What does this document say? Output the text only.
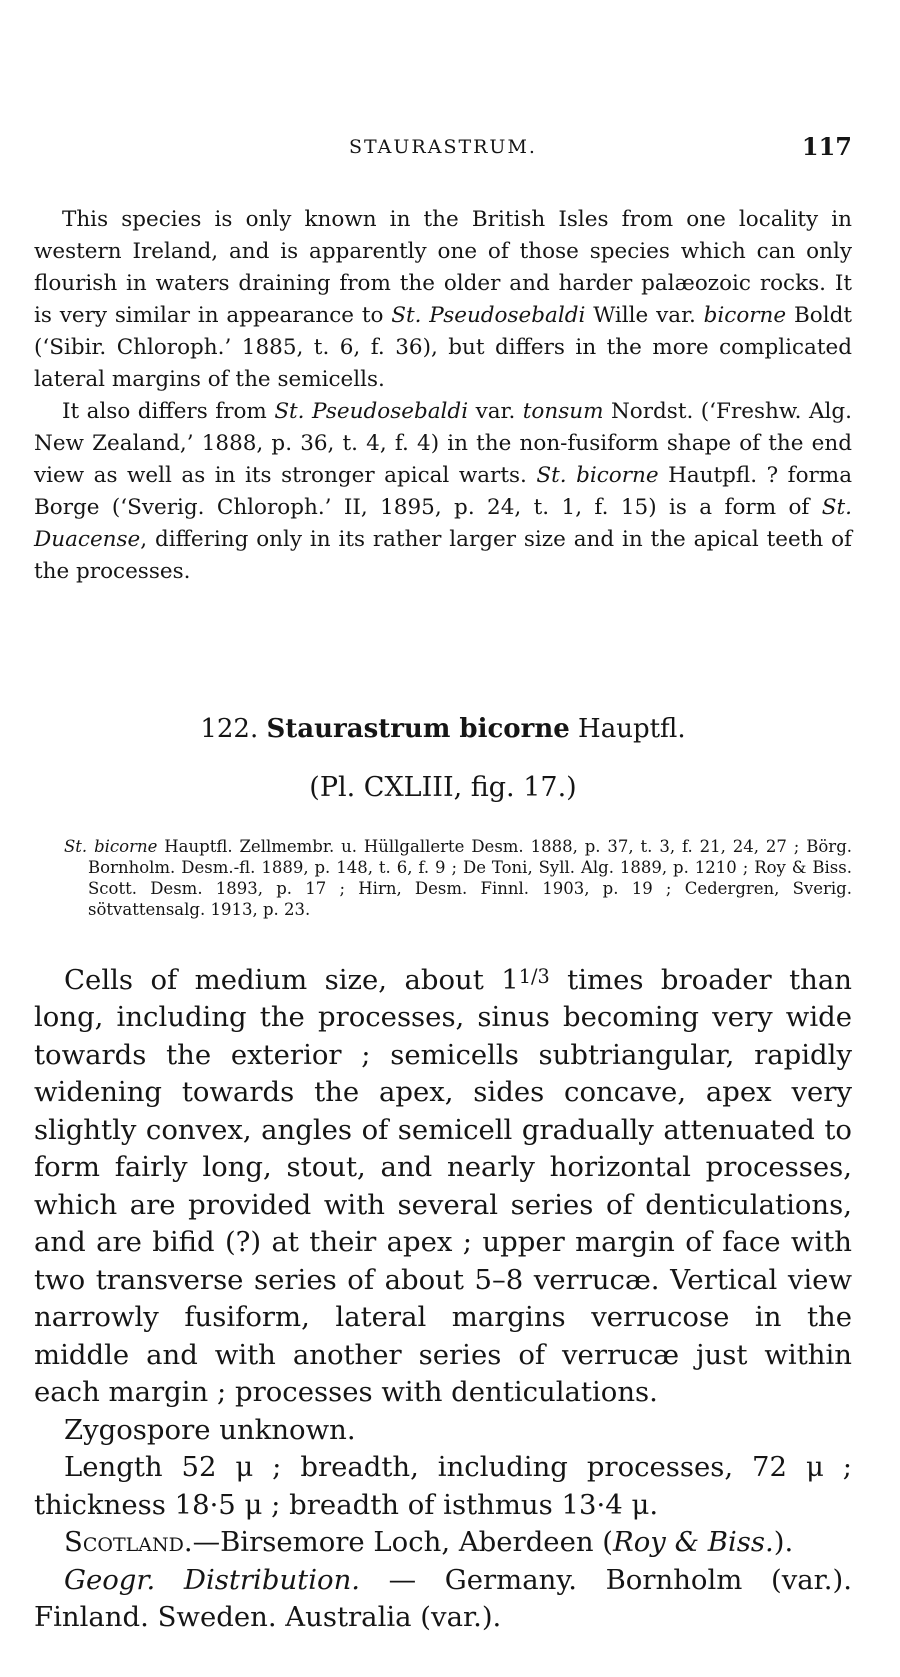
STAURASTRUM.	117

This species is only known in the British Isles from one locality in western Ireland, and is apparently one of those species which can only flourish in waters draining from the older and harder palæozoic rocks. It is very similar in appearance to St. Pseudosebaldi Wille var. bicorne Boldt (‘Sibir. Chloroph.’ 1885, t. 6, f. 36), but differs in the more complicated lateral margins of the semicells.

It also differs from St. Pseudosebaldi var. tonsum Nordst. (‘Freshw. Alg. New Zealand,’ 1888, p. 36, t. 4, f. 4) in the non-fusiform shape of the end view as well as in its stronger apical warts. St. bicorne Hautpfl. ? forma Borge (‘Sverig. Chloroph.’ II, 1895, p. 24, t. 1, f. 15) is a form of St. Duacense, differing only in its rather larger size and in the apical teeth of the processes.

122. Staurastrum bicorne Hauptfl.
(Pl. CXLIII, fig. 17.)

St. bicorne Hauptfl. Zellmembr. u. Hüllgallerte Desm. 1888, p. 37, t. 3, f. 21, 24, 27 ; Börg. Bornholm. Desm.-fl. 1889, p. 148, t. 6, f. 9 ; De Toni, Syll. Alg. 1889, p. 1210 ; Roy & Biss. Scott. Desm. 1893, p. 17 ; Hirn, Desm. Finnl. 1903, p. 19 ; Cedergren, Sverig. sötvattensalg. 1913, p. 23.

Cells of medium size, about $1^{1/3}$ times broader than long, including the processes, sinus becoming very wide towards the exterior ; semicells subtriangular, rapidly widening towards the apex, sides concave, apex very slightly convex, angles of semicell gradually attenuated to form fairly long, stout, and nearly horizontal processes, which are provided with several series of denticulations, and are bifid (?) at their apex ; upper margin of face with two transverse series of about 5–8 verrucæ. Vertical view narrowly fusiform, lateral margins verrucose in the middle and with another series of verrucæ just within each margin ; processes with denticulations.

Zygospore unknown.

Length 52 μ ; breadth, including processes, 72 μ ; thickness 18·5 μ ; breadth of isthmus 13·4 μ.

Scotland.—Birsemore Loch, Aberdeen (Roy & Biss.).

Geogr. Distribution. — Germany. Bornholm (var.). Finland. Sweden. Australia (var.).
